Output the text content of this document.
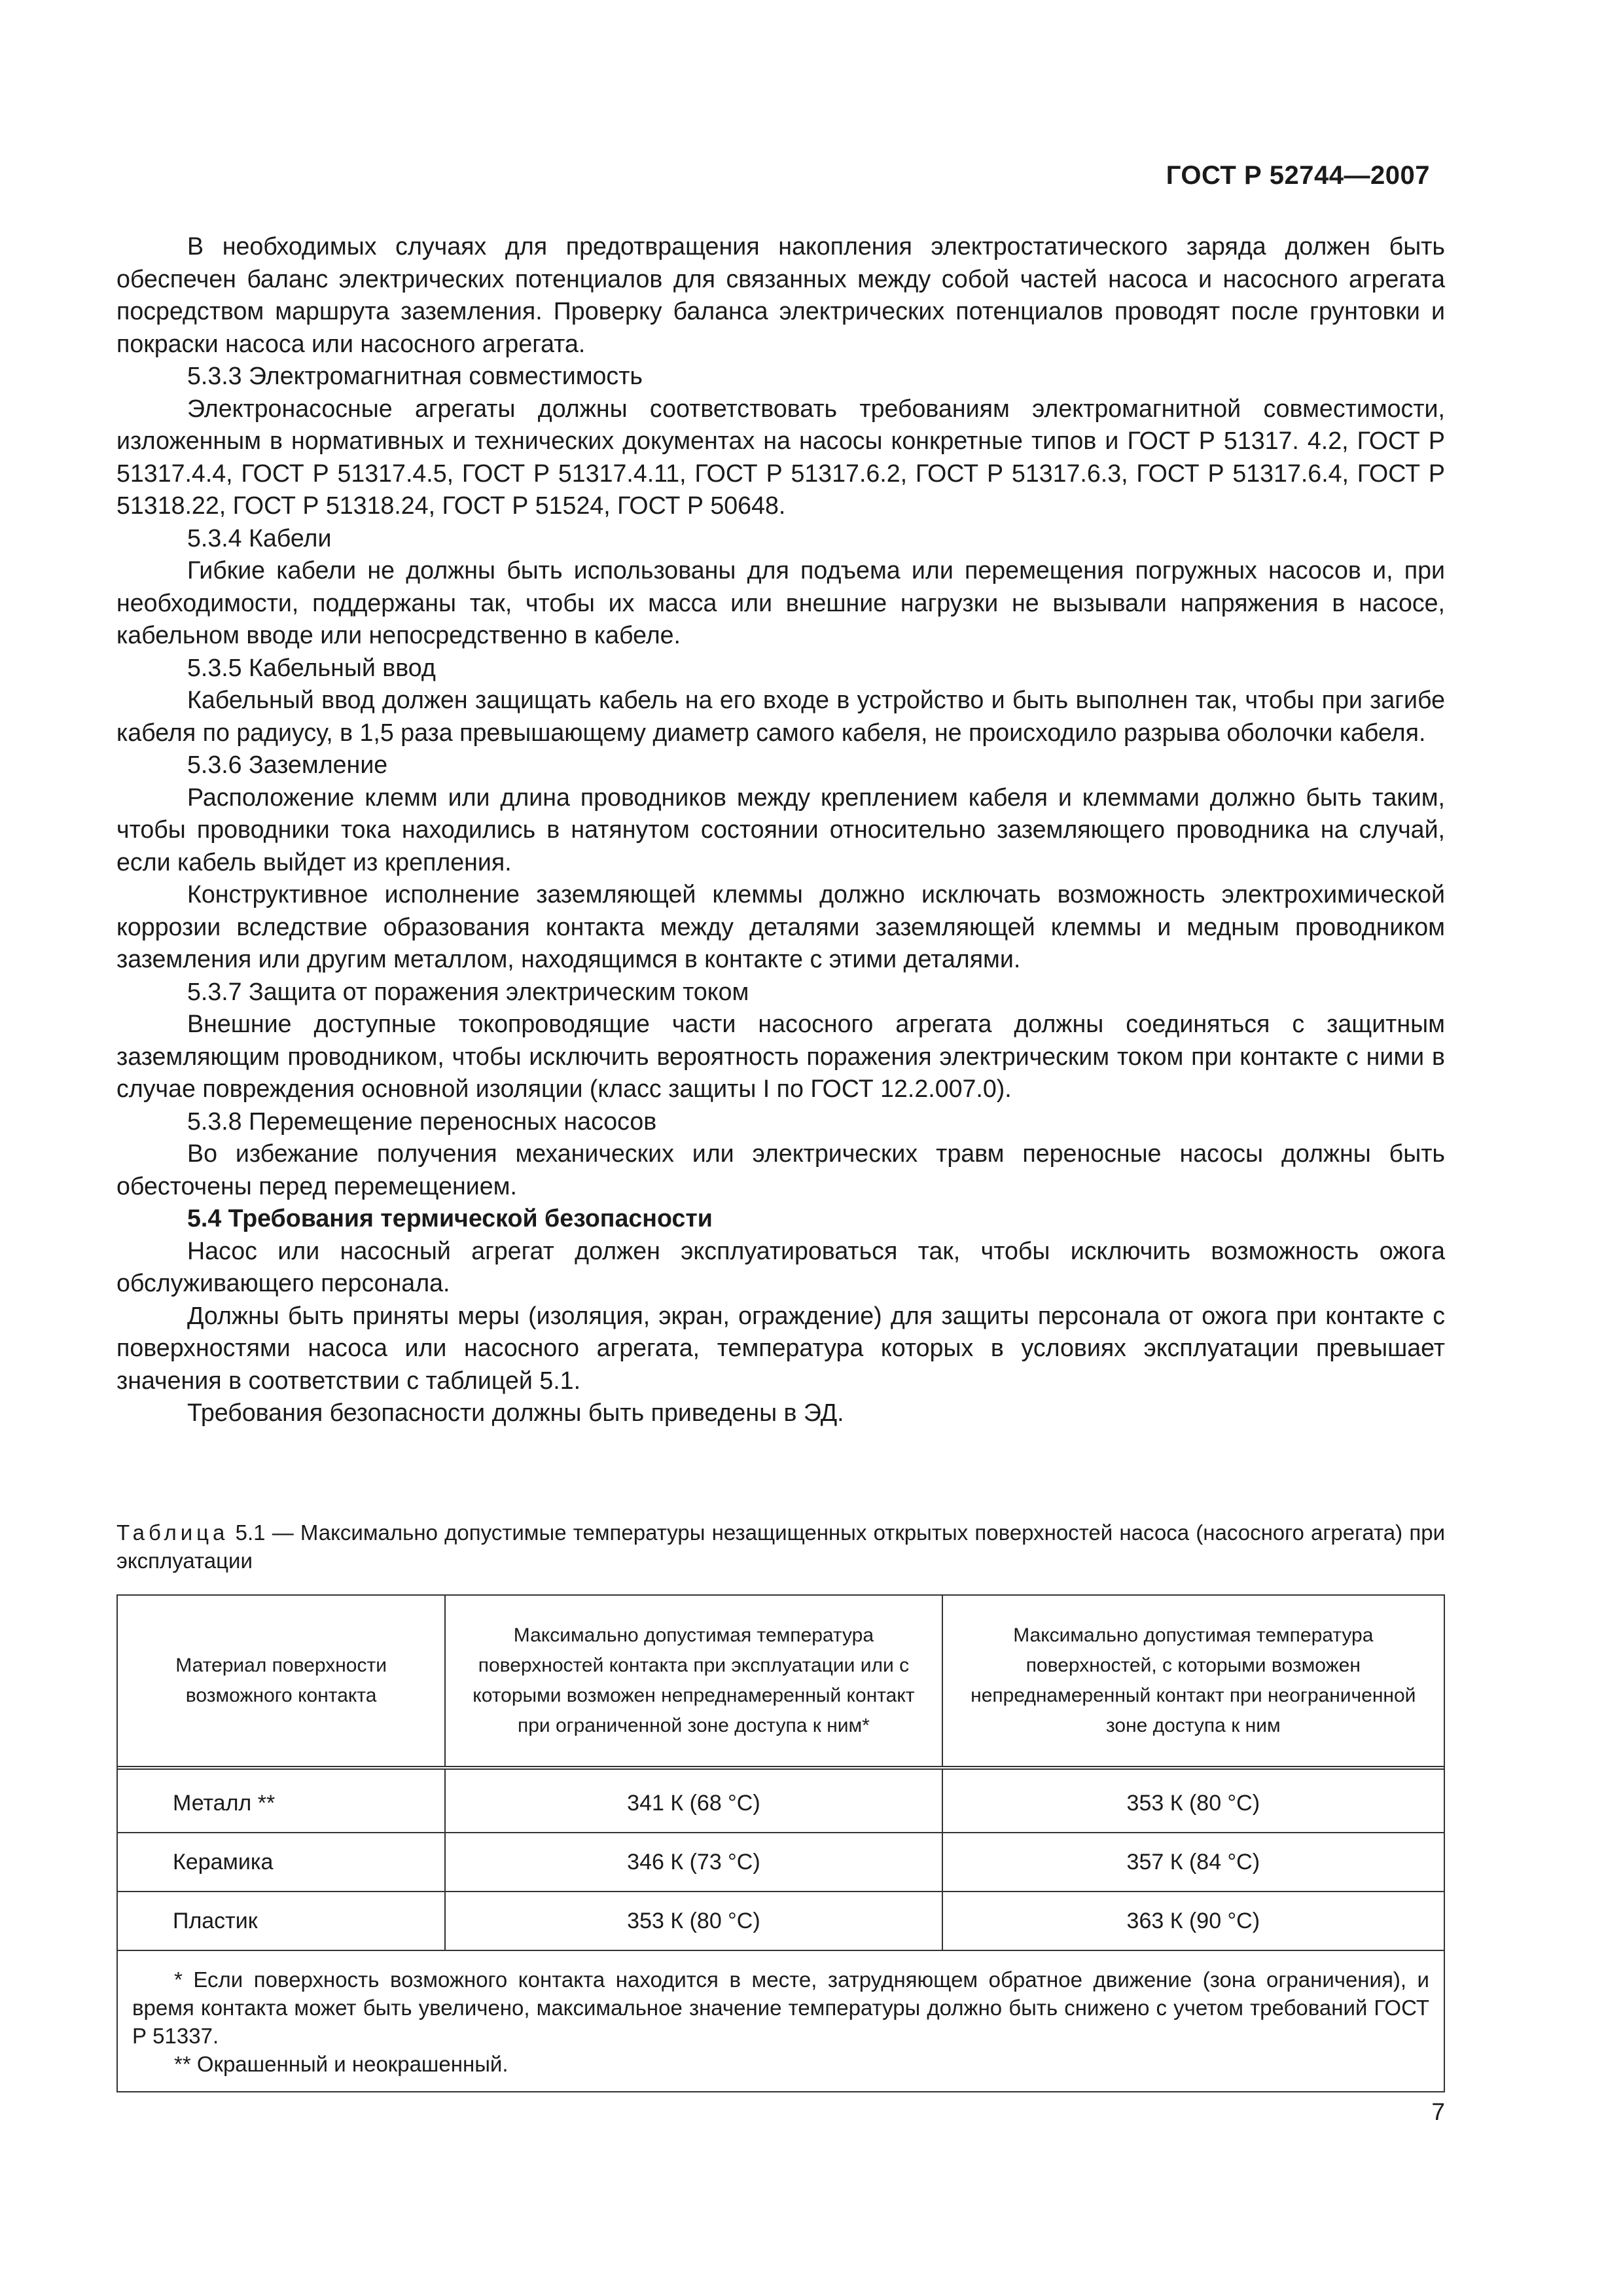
ГОСТ Р 52744—2007

В необходимых случаях для предотвращения накопления электростатического заряда должен быть обеспечен баланс электрических потенциалов для связанных между собой частей насоса и насосного агрегата посредством маршрута заземления. Проверку баланса электрических потенциалов проводят после грунтовки и покраски насоса или насосного агрегата.

5.3.3 Электромагнитная совместимость

Электронасосные агрегаты должны соответствовать требованиям электромагнитной совместимости, изложенным в нормативных и технических документах на насосы конкретные типов и ГОСТ Р 51317. 4.2, ГОСТ Р 51317.4.4, ГОСТ Р 51317.4.5, ГОСТ Р 51317.4.11, ГОСТ Р 51317.6.2, ГОСТ Р 51317.6.3, ГОСТ Р 51317.6.4, ГОСТ Р 51318.22, ГОСТ Р 51318.24, ГОСТ Р 51524, ГОСТ Р 50648.

5.3.4 Кабели

Гибкие кабели не должны быть использованы для подъема или перемещения погружных насосов и, при необходимости, поддержаны так, чтобы их масса или внешние нагрузки не вызывали напряжения в насосе, кабельном вводе или непосредственно в кабеле.

5.3.5 Кабельный ввод

Кабельный ввод должен защищать кабель на его входе в устройство и быть выполнен так, чтобы при загибе кабеля по радиусу, в 1,5 раза превышающему диаметр самого кабеля, не происходило разрыва оболочки кабеля.

5.3.6 Заземление

Расположение клемм или длина проводников между креплением кабеля и клеммами должно быть таким, чтобы проводники тока находились в натянутом состоянии относительно заземляющего проводника на случай, если кабель выйдет из крепления.

Конструктивное исполнение заземляющей клеммы должно исключать возможность электрохимической коррозии вследствие образования контакта между деталями заземляющей клеммы и медным проводником заземления или другим металлом, находящимся в контакте с этими деталями.

5.3.7 Защита от поражения электрическим током

Внешние доступные токопроводящие части насосного агрегата должны соединяться с защитным заземляющим проводником, чтобы исключить вероятность поражения электрическим током при контакте с ними в случае повреждения основной изоляции (класс защиты I по ГОСТ 12.2.007.0).

5.3.8 Перемещение переносных насосов

Во избежание получения механических или электрических травм переносные насосы должны быть обесточены перед перемещением.

5.4 Требования термической безопасности

Насос или насосный агрегат должен эксплуатироваться так, чтобы исключить возможность ожога обслуживающего персонала.

Должны быть приняты меры (изоляция, экран, ограждение) для защиты персонала от ожога при контакте с поверхностями насоса или насосного агрегата, температура которых в условиях эксплуатации превышает значения в соответствии с таблицей 5.1.

Требования безопасности должны быть приведены в ЭД.

Таблица 5.1 — Максимально допустимые температуры незащищенных открытых поверхностей насоса (насосного агрегата) при эксплуатации
Материал поверхности возможного контакта	Максимально допустимая температура поверхностей контакта при эксплуатации или с которыми возможен непреднамеренный контакт при ограниченной зоне доступа к ним*	Максимально допустимая температура поверхностей, с которыми возможен непреднамеренный контакт при неограниченной зоне доступа к ним
Металл **	341 К (68 °С)	353 К (80 °С)
Керамика	346 К (73 °С)	357 К (84 °С)
Пластик	353 К (80 °С)	363 К (90 °С)

* Если поверхность возможного контакта находится в месте, затрудняющем обратное движение (зона ограничения), и время контакта может быть увеличено, максимальное значение температуры должно быть снижено с учетом требований ГОСТ Р 51337.

** Окрашенный и неокрашенный.		

7
